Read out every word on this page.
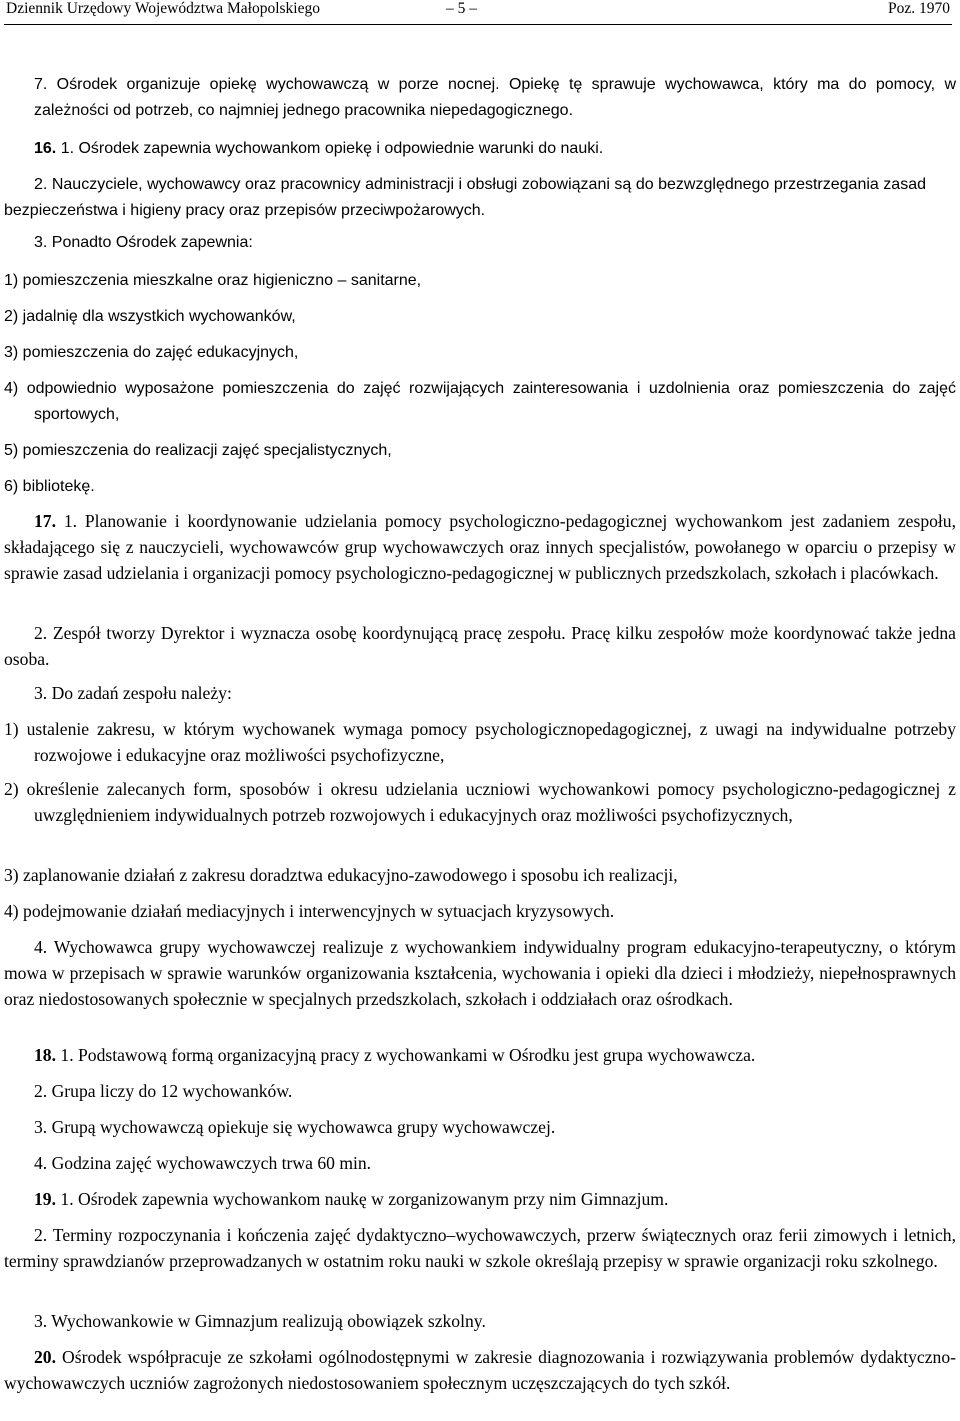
Dziennik Urzędowy Województwa Małopolskiego	– 5 –	Poz. 1970
7. Ośrodek organizuje opiekę wychowawczą w porze nocnej. Opiekę tę sprawuje wychowawca, który ma do pomocy, w zależności od potrzeb, co najmniej jednego pracownika niepedagogicznego.
16. 1. Ośrodek zapewnia wychowankom opiekę i odpowiednie warunki do nauki.
2. Nauczyciele, wychowawcy oraz pracownicy administracji i obsługi zobowiązani są do bezwzględnego przestrzegania zasad bezpieczeństwa i higieny pracy oraz przepisów przeciwpożarowych.
3. Ponadto Ośrodek zapewnia:
1) pomieszczenia mieszkalne oraz higieniczno – sanitarne,
2) jadalnię dla wszystkich wychowanków,
3) pomieszczenia do zajęć edukacyjnych,
4) odpowiednio wyposażone pomieszczenia do zajęć rozwijających zainteresowania i uzdolnienia oraz pomieszczenia do zajęć sportowych,
5) pomieszczenia do realizacji zajęć specjalistycznych,
6) bibliotekę.
17. 1. Planowanie i koordynowanie udzielania pomocy psychologiczno-pedagogicznej wychowankom jest zadaniem zespołu, składającego się z nauczycieli, wychowawców grup wychowawczych oraz innych specjalistów, powołanego w oparciu o przepisy w sprawie zasad udzielania i organizacji pomocy psychologiczno-pedagogicznej w publicznych przedszkolach, szkołach i placówkach.
2. Zespół tworzy Dyrektor i wyznacza osobę koordynującą pracę zespołu. Pracę kilku zespołów może koordynować także jedna osoba.
3. Do zadań zespołu należy:
1) ustalenie zakresu, w którym wychowanek wymaga pomocy psychologicznopedagogicznej, z uwagi na indywidualne potrzeby rozwojowe i edukacyjne oraz możliwości psychofizyczne,
2) określenie zalecanych form, sposobów i okresu udzielania uczniowi wychowankowi pomocy psychologiczno-pedagogicznej z uwzględnieniem indywidualnych potrzeb rozwojowych i edukacyjnych oraz możliwości psychofizycznych,
3) zaplanowanie działań z zakresu doradztwa edukacyjno-zawodowego i sposobu ich realizacji,
4) podejmowanie działań mediacyjnych i interwencyjnych w sytuacjach kryzysowych.
4. Wychowawca grupy wychowawczej realizuje z wychowankiem indywidualny program edukacyjno-terapeutyczny, o którym mowa w przepisach w sprawie warunków organizowania kształcenia, wychowania i opieki dla dzieci i młodzieży, niepełnosprawnych oraz niedostosowanych społecznie w specjalnych przedszkolach, szkołach i oddziałach oraz ośrodkach.
18. 1. Podstawową formą organizacyjną pracy z wychowankami w Ośrodku jest grupa wychowawcza.
2. Grupa liczy do 12 wychowanków.
3. Grupą wychowawczą opiekuje się wychowawca grupy wychowawczej.
4. Godzina zajęć wychowawczych trwa 60 min.
19. 1. Ośrodek zapewnia wychowankom naukę w zorganizowanym przy nim Gimnazjum.
2. Terminy rozpoczynania i kończenia zajęć dydaktyczno–wychowawczych, przerw świątecznych oraz ferii zimowych i letnich, terminy sprawdzianów przeprowadzanych w ostatnim roku nauki w szkole określają przepisy w sprawie organizacji roku szkolnego.
3. Wychowankowie w Gimnazjum realizują obowiązek szkolny.
20. Ośrodek współpracuje ze szkołami ogólnodostępnymi w zakresie diagnozowania i rozwiązywania problemów dydaktyczno-wychowawczych uczniów zagrożonych niedostosowaniem społecznym uczęszczających do tych szkół.
